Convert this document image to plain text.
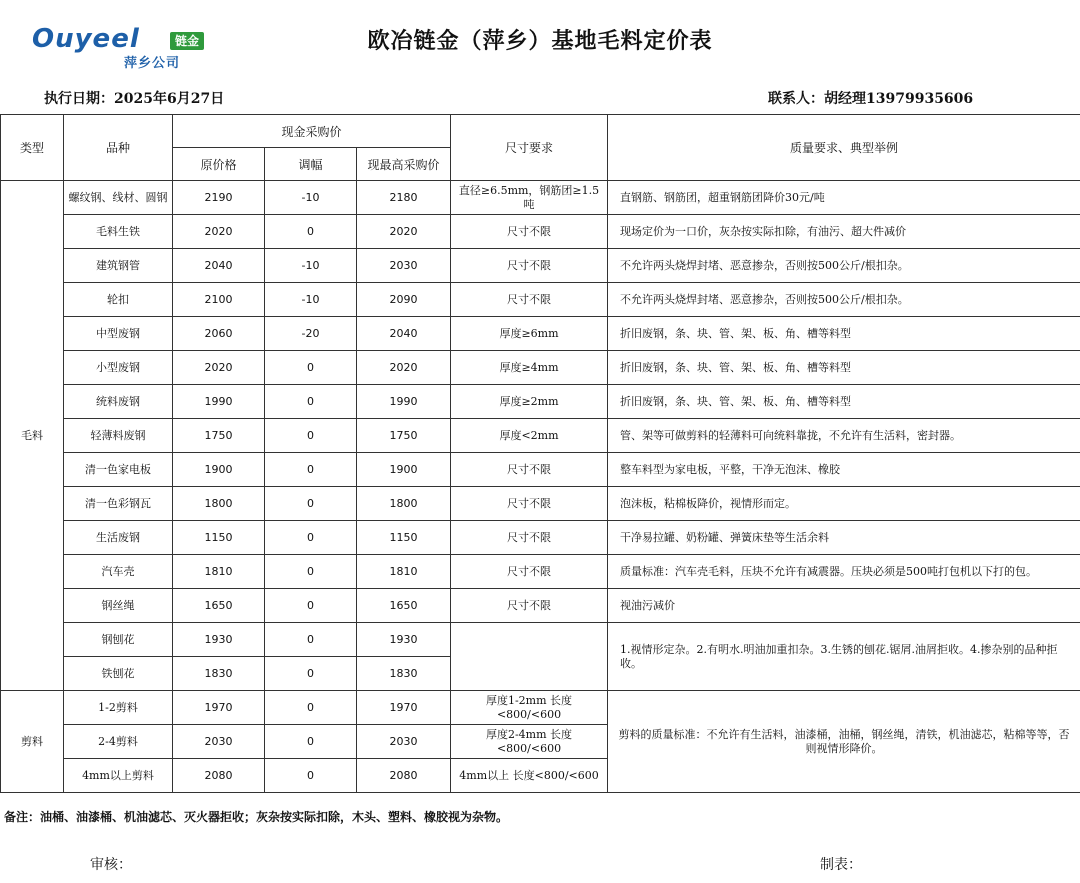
Ouyeel	链金
萍乡公司
欧冶链金（萍乡）基地毛料定价表
执行日期：2025年6月27日	联系人：胡经理13979935606
类型	品种	现金采购价			尺寸要求	质量要求、典型举例
		原价格	调幅	现最高采购价		
毛料	螺纹钢、线材、圆钢	2190	-10	2180	直径≥6.5mm，钢筋团≥1.5吨	直钢筋、钢筋团，超重钢筋团降价30元/吨
	毛料生铁	2020	0	2020	尺寸不限	现场定价为一口价，灰杂按实际扣除，有油污、超大件减价
	建筑钢管	2040	-10	2030	尺寸不限	不允许两头烧焊封堵、恶意掺杂，否则按500公斤/根扣杂。
	轮扣	2100	-10	2090	尺寸不限	不允许两头烧焊封堵、恶意掺杂，否则按500公斤/根扣杂。
	中型废钢	2060	-20	2040	厚度≥6mm	折旧废钢，条、块、管、架、板、角、槽等料型
	小型废钢	2020	0	2020	厚度≥4mm	折旧废钢，条、块、管、架、板、角、槽等料型
	统料废钢	1990	0	1990	厚度≥2mm	折旧废钢，条、块、管、架、板、角、槽等料型
	轻薄料废钢	1750	0	1750	厚度<2mm	管、架等可做剪料的轻薄料可向统料靠拢，不允许有生活料，密封器。
	清一色家电板	1900	0	1900	尺寸不限	整车料型为家电板，平整，干净无泡沫、橡胶
	清一色彩钢瓦	1800	0	1800	尺寸不限	泡沫板，粘棉板降价，视情形而定。
	生活废钢	1150	0	1150	尺寸不限	干净易拉罐、奶粉罐、弹簧床垫等生活余料
	汽车壳	1810	0	1810	尺寸不限	质量标准：汽车壳毛料，压块不允许有减震器。压块必须是500吨打包机以下打的包。
	钢丝绳	1650	0	1650	尺寸不限	视油污减价
	钢刨花	1930	0	1930		1.视情形定杂。2.有明水.明油加重扣杂。3.生锈的刨花.锯屑.油屑拒收。4.掺杂别的品种拒收。
	铁刨花	1830	0	1830		
剪料	1-2剪料	1970	0	1970	厚度1-2mm 长度<800/<600	剪料的质量标准：不允许有生活料，油漆桶，油桶，钢丝绳，清铁，机油滤芯，粘棉等等，否则视情形降价。
	2-4剪料	2030	0	2030	厚度2-4mm 长度<800/<600	
	4mm以上剪料	2080	0	2080	4mm以上 长度<800/<600	
备注：油桶、油漆桶、机油滤芯、灭火器拒收；灰杂按实际扣除，木头、塑料、橡胶视为杂物。
审核：	制表：
